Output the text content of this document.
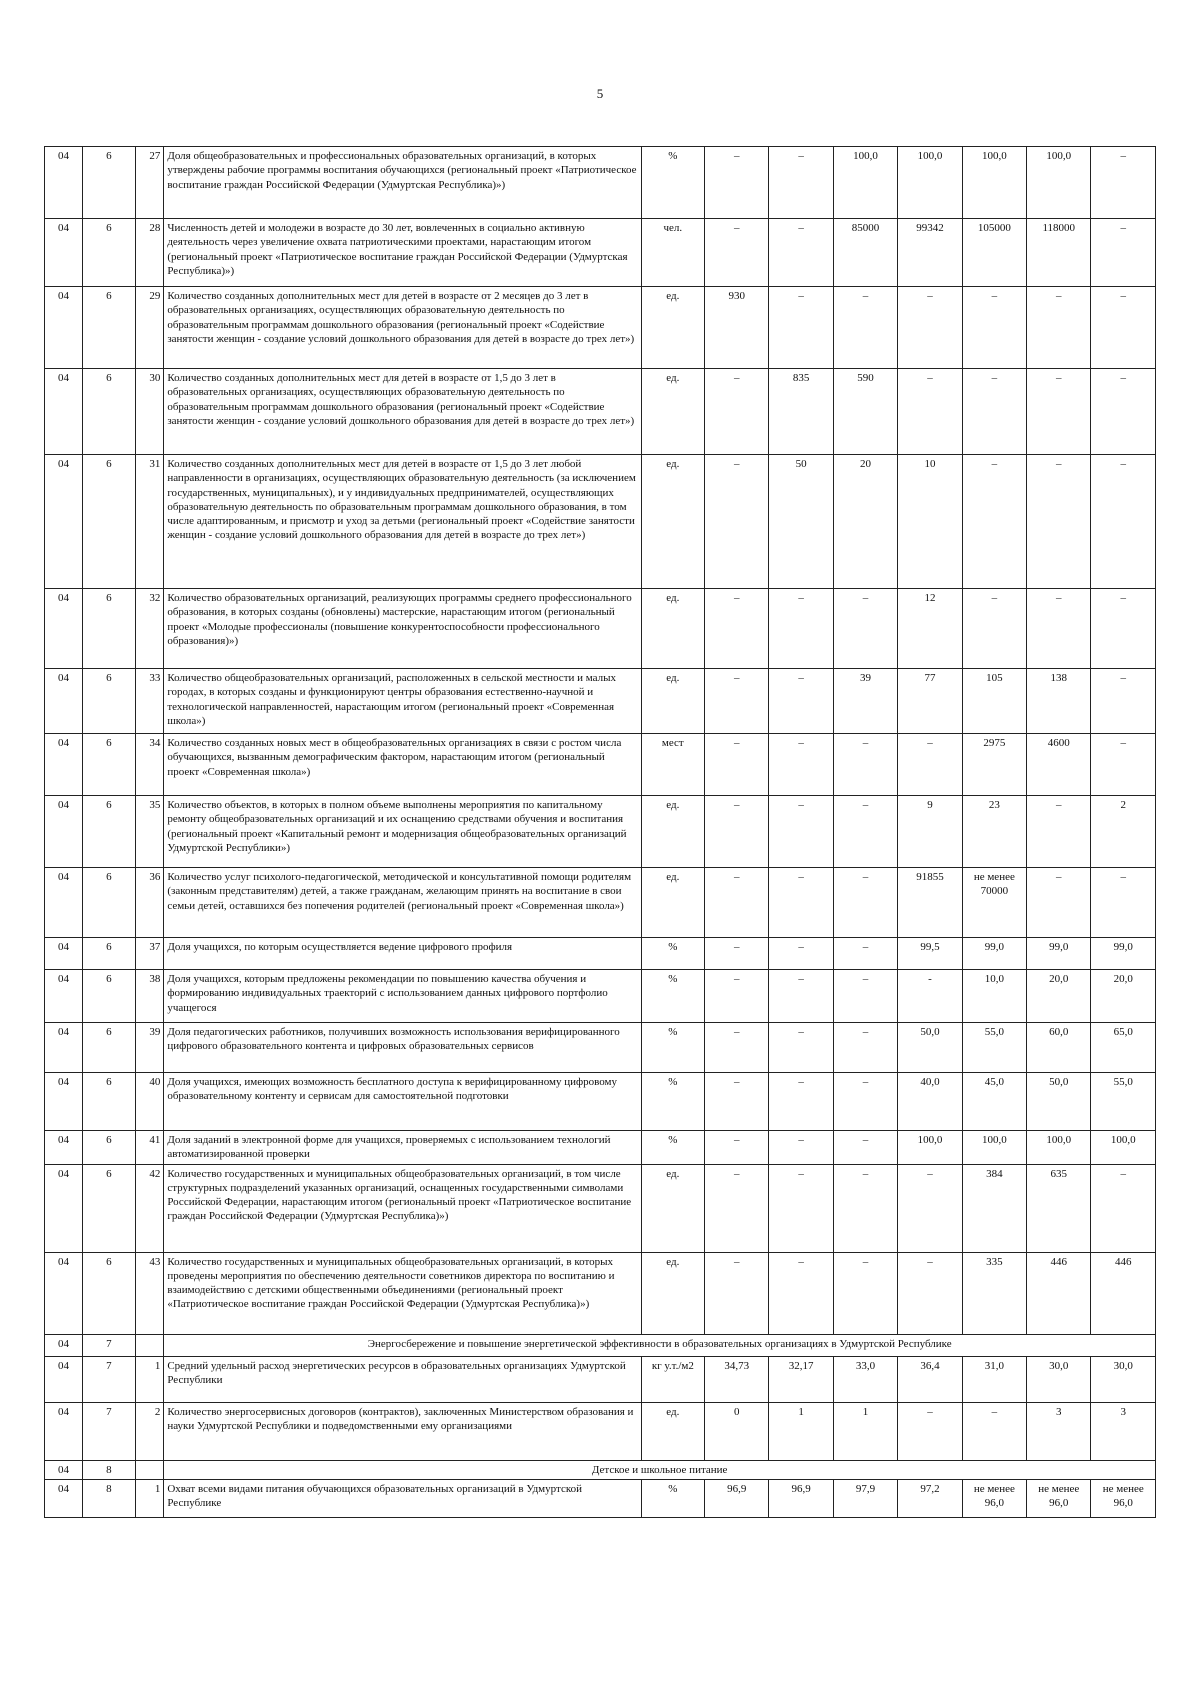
5
04	6	27	Доля общеобразовательных и профессиональных образовательных организаций, в которых утверждены рабочие программы воспитания обучающихся (региональный проект «Патриотическое воспитание граждан Российской Федерации (Удмуртская Республика)»)	%	–	–	100,0	100,0	100,0	100,0	–
04	6	28	Численность детей и молодежи в возрасте до 30 лет, вовлеченных в социально активную деятельность через увеличение охвата патриотическими проектами, нарастающим итогом (региональный проект «Патриотическое воспитание граждан Российской Федерации (Удмуртская Республика)»)	чел.	–	–	85000	99342	105000	118000	–
04	6	29	Количество созданных дополнительных мест для детей в возрасте от 2 месяцев до 3 лет в образовательных организациях, осуществляющих образовательную деятельность по образовательным программам дошкольного образования (региональный проект «Содействие занятости женщин - создание условий дошкольного образования для детей в возрасте до трех лет»)	ед.	930	–	–	–	–	–	–
04	6	30	Количество созданных дополнительных мест для детей в возрасте от 1,5 до 3 лет в образовательных организациях, осуществляющих образовательную деятельность по образовательным программам дошкольного образования (региональный проект «Содействие занятости женщин - создание условий дошкольного образования для детей в возрасте до трех лет»)	ед.	–	835	590	–	–	–	–
04	6	31	Количество созданных дополнительных мест для детей в возрасте от 1,5 до 3 лет любой направленности в организациях, осуществляющих образовательную деятельность (за исключением государственных, муниципальных), и у индивидуальных предпринимателей, осуществляющих образовательную деятельность по образовательным программам дошкольного образования, в том числе адаптированным, и присмотр и уход за детьми (региональный проект «Содействие занятости женщин - создание условий дошкольного образования для детей в возрасте до трех лет»)	ед.	–	50	20	10	–	–	–
04	6	32	Количество образовательных организаций, реализующих программы среднего профессионального образования, в которых созданы (обновлены) мастерские, нарастающим итогом (региональный проект «Молодые профессионалы (повышение конкурентоспособности профессионального образования)»)	ед.	–	–	–	12	–	–	–
04	6	33	Количество общеобразовательных организаций, расположенных в сельской местности и малых городах, в которых созданы и функционируют центры образования естественно-научной и технологической направленностей, нарастающим итогом (региональный проект «Современная школа»)	ед.	–	–	39	77	105	138	–
04	6	34	Количество созданных новых мест в общеобразовательных организациях в связи с ростом числа обучающихся, вызванным демографическим фактором, нарастающим итогом (региональный проект «Современная школа»)	мест	–	–	–	–	2975	4600	–
04	6	35	Количество объектов, в которых в полном объеме выполнены мероприятия по капитальному ремонту общеобразовательных организаций и их оснащению средствами обучения и воспитания (региональный проект «Капитальный ремонт и модернизация общеобразовательных организаций Удмуртской Республики»)	ед.	–	–	–	9	23	–	2
04	6	36	Количество услуг психолого-педагогической, методической и консультативной помощи родителям (законным представителям) детей, а также гражданам, желающим принять на воспитание в свои семьи детей, оставшихся без попечения родителей (региональный проект «Современная школа»)	ед.	–	–	–	91855	не менее 70000	–	–
04	6	37	Доля учащихся, по которым осуществляется ведение цифрового профиля	%	–	–	–	99,5	99,0	99,0	99,0
04	6	38	Доля учащихся, которым предложены рекомендации по повышению качества обучения и формированию индивидуальных траекторий с использованием данных цифрового портфолио учащегося	%	–	–	–	-	10,0	20,0	20,0
04	6	39	Доля педагогических работников, получивших возможность использования верифицированного цифрового образовательного контента и цифровых образовательных сервисов	%	–	–	–	50,0	55,0	60,0	65,0
04	6	40	Доля учащихся, имеющих возможность бесплатного доступа к верифицированному цифровому образовательному контенту и сервисам для самостоятельной подготовки	%	–	–	–	40,0	45,0	50,0	55,0
04	6	41	Доля заданий в электронной форме для учащихся, проверяемых с использованием технологий автоматизированной проверки	%	–	–	–	100,0	100,0	100,0	100,0
04	6	42	Количество государственных и муниципальных общеобразовательных организаций, в том числе структурных подразделений указанных организаций, оснащенных государственными символами Российской Федерации, нарастающим итогом (региональный проект «Патриотическое воспитание граждан Российской Федерации (Удмуртская Республика)»)	ед.	–	–	–	–	384	635	–
04	6	43	Количество государственных и муниципальных общеобразовательных организаций, в которых проведены мероприятия по обеспечению деятельности советников директора по воспитанию и взаимодействию с детскими общественными объединениями (региональный проект «Патриотическое воспитание граждан Российской Федерации (Удмуртская Республика)»)	ед.	–	–	–	–	335	446	446
04	7		Энергосбережение и повышение энергетической эффективности в образовательных организациях в Удмуртской Республике								
04	7	1	Средний удельный расход энергетических ресурсов в образовательных организациях Удмуртской Республики	кг у.т./м2	34,73	32,17	33,0	36,4	31,0	30,0	30,0
04	7	2	Количество энергосервисных договоров (контрактов), заключенных Министерством образования и науки Удмуртской Республики и подведомственными ему организациями	ед.	0	1	1	–	–	3	3
04	8		Детское и школьное питание								
04	8	1	Охват всеми видами питания обучающихся образовательных организаций в Удмуртской Республике	%	96,9	96,9	97,9	97,2	не менее 96,0	не менее 96,0	не менее 96,0
